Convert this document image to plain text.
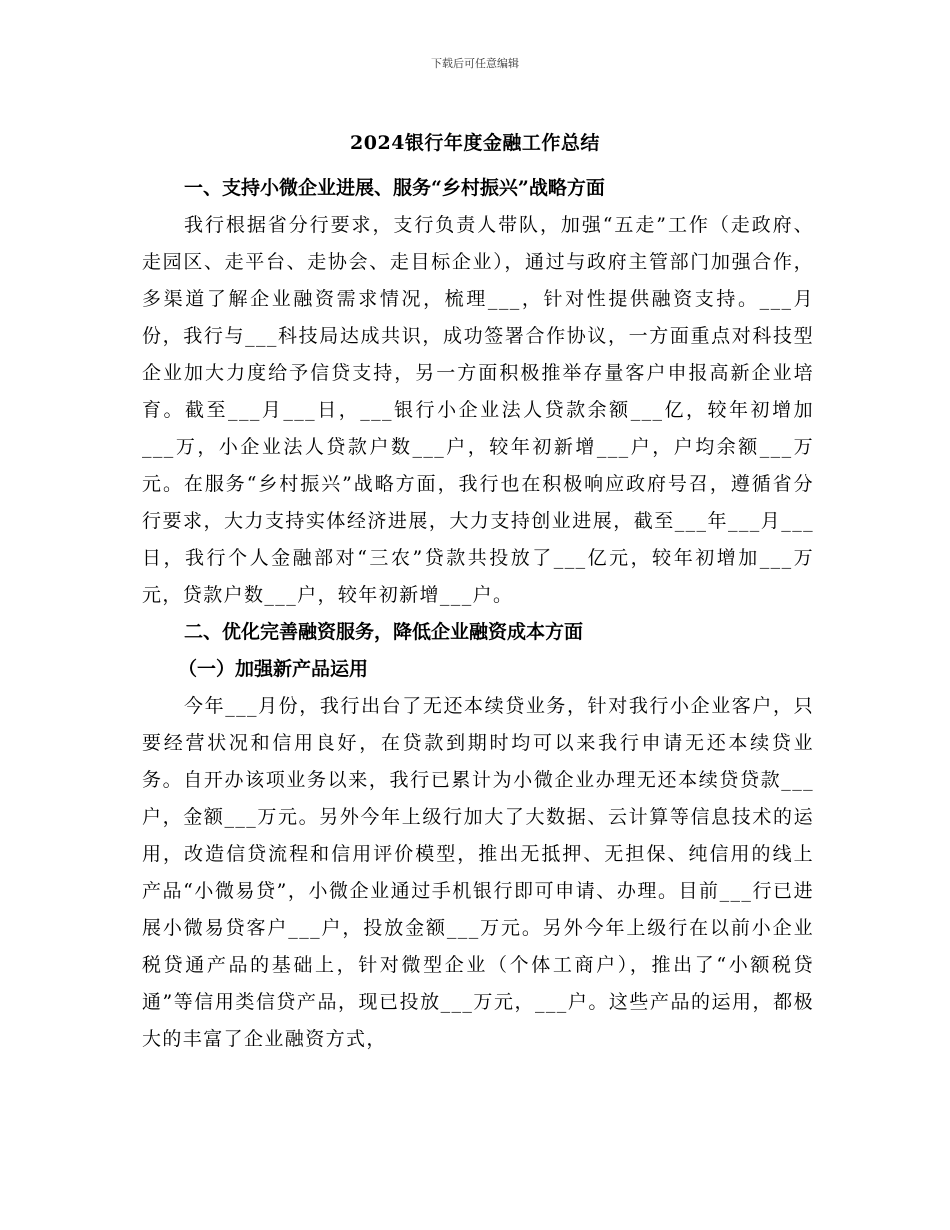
下载后可任意编辑
2024银行年度金融工作总结

一、支持小微企业进展、服务“乡村振兴”战略方面

我行根据省分行要求，支行负责人带队，加强“五走”工作（走政府、走园区、走平台、走协会、走目标企业），通过与政府主管部门加强合作，多渠道了解企业融资需求情况，梳理___，针对性提供融资支持。___月份，我行与___科技局达成共识，成功签署合作协议，一方面重点对科技型企业加大力度给予信贷支持，另一方面积极推举存量客户申报高新企业培育。截至___月___日，___银行小企业法人贷款余额___亿，较年初增加___万，小企业法人贷款户数___户，较年初新增___户，户均余额___万元。在服务“乡村振兴”战略方面，我行也在积极响应政府号召，遵循省分行要求，大力支持实体经济进展，大力支持创业进展，截至___年___月___日，我行个人金融部对“三农”贷款共投放了___亿元，较年初增加___万元，贷款户数___户，较年初新增___户。

二、优化完善融资服务，降低企业融资成本方面

（一）加强新产品运用

今年___月份，我行出台了无还本续贷业务，针对我行小企业客户，只要经营状况和信用良好，在贷款到期时均可以来我行申请无还本续贷业务。自开办该项业务以来，我行已累计为小微企业办理无还本续贷贷款___户，金额___万元。另外今年上级行加大了大数据、云计算等信息技术的运用，改造信贷流程和信用评价模型，推出无抵押、无担保、纯信用的线上产品“小微易贷”，小微企业通过手机银行即可申请、办理。目前___行已进展小微易贷客户___户，投放金额___万元。另外今年上级行在以前小企业税贷通产品的基础上，针对微型企业（个体工商户），推出了“小额税贷通”等信用类信贷产品，现已投放___万元，___户。这些产品的运用，都极大的丰富了企业融资方式，
